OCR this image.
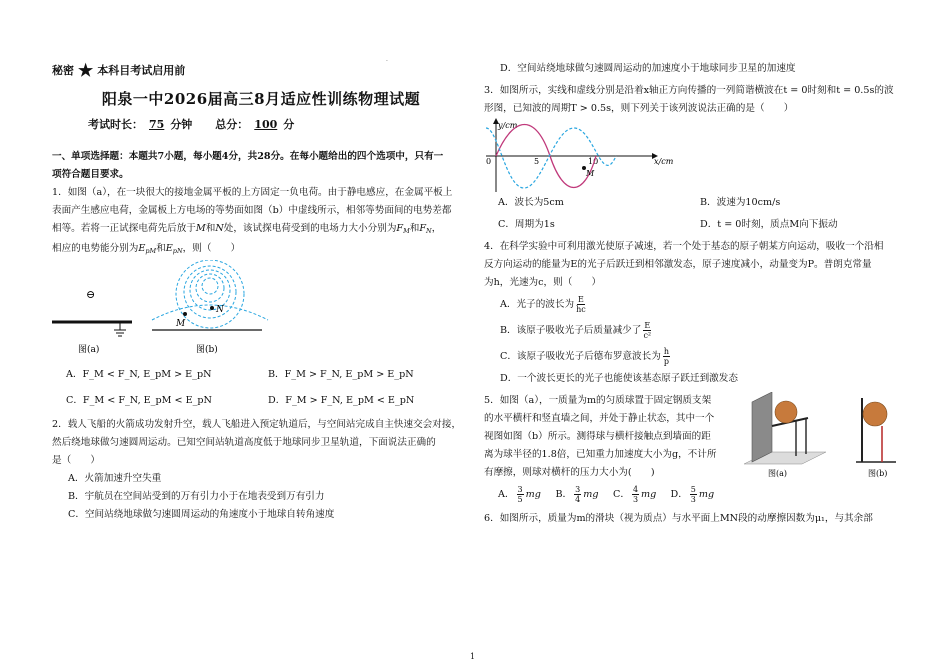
·
秘密 ★ 本科目考试启用前
阳泉一中2026届高三8月适应性训练物理试题
考试时长： 75 分钟 总分： 100 分
一、单项选择题：本题共7小题，每小题4分，共28分。在每小题给出的四个选项中，只有一
项符合题目要求。
1．如图（a），在一块很大的接地金属平板的上方固定一负电荷。由于静电感应，在金属平板上
表面产生感应电荷，金属板上方电场的等势面如图（b）中虚线所示，相邻等势面间的电势差都
相等。若将一正试探电荷先后放于M和N处，该试探电荷受到的电场力大小分别为$F_M$和$F_N$，
相应的电势能分别为$E_{pM}$和$E_{pN}$，则（　　）
⊖
图(a)
M
N
图(b)
A．F_M < F_N, E_pM > E_pN	B．F_M > F_N, E_pM > E_pN
C．F_M < F_N, E_pM < E_pN	D．F_M > F_N, E_pM < E_pN
2．载人飞船的火箭成功发射升空，载人飞船进入预定轨道后，与空间站完成自主快速交会对接，
然后绕地球做匀速圆周运动。已知空间站轨道高度低于地球同步卫星轨道，下面说法正确的
是（　　）
A．火箭加速升空失重
B．宇航员在空间站受到的万有引力小于在地表受到万有引力
C．空间站绕地球做匀速圆周运动的角速度小于地球自转角速度
D．空间站绕地球做匀速圆周运动的加速度小于地球同步卫星的加速度
3．如图所示，实线和虚线分别是沿着x轴正方向传播的一列简谐横波在t = 0时刻和t = 0.5s的波
形图，已知波的周期T > 0.5s，则下列关于该列波说法正确的是（　　）
y/cm
x/cm
0	5	10
M
A．波长为5cm	B．波速为10cm/s
C．周期为1s	D．t = 0时刻，质点M向下振动
4．在科学实验中可利用激光使原子减速，若一个处于基态的原子朝某方向运动，吸收一个沿相
反方向运动的能量为E的光子后跃迁到相邻激发态，原子速度减小，动量变为P。普朗克常量
为h，光速为c，则（　　）
A．光子的波长为 $\frac{E}{hc}$
B．该原子吸收光子后质量减少了 $\frac{E}{\text{c²}}$
C．该原子吸收光子后德布罗意波长为 $\frac{h}{p}$
D．一个波长更长的光子也能使该基态原子跃迁到激发态
5．如图（a），一质量为m的匀质球置于固定钢质支架
的水平横杆和竖直墙之间，并处于静止状态，其中一个
视图如图（b）所示。测得球与横杆接触点到墙面的距
离为球半径的1.8倍，已知重力加速度大小为g，不计所
有摩擦，则球对横杆的压力大小为(　　)	图(a)	图(b)
A． $\frac{3}{5}$ mg	B． $\frac{3}{4}$ mg	C． $\frac{4}{3}$ mg	D． $\frac{5}{3}$ mg
6．如图所示，质量为m的滑块（视为质点）与水平面上MN段的动摩擦因数为μ₁，与其余部
1
